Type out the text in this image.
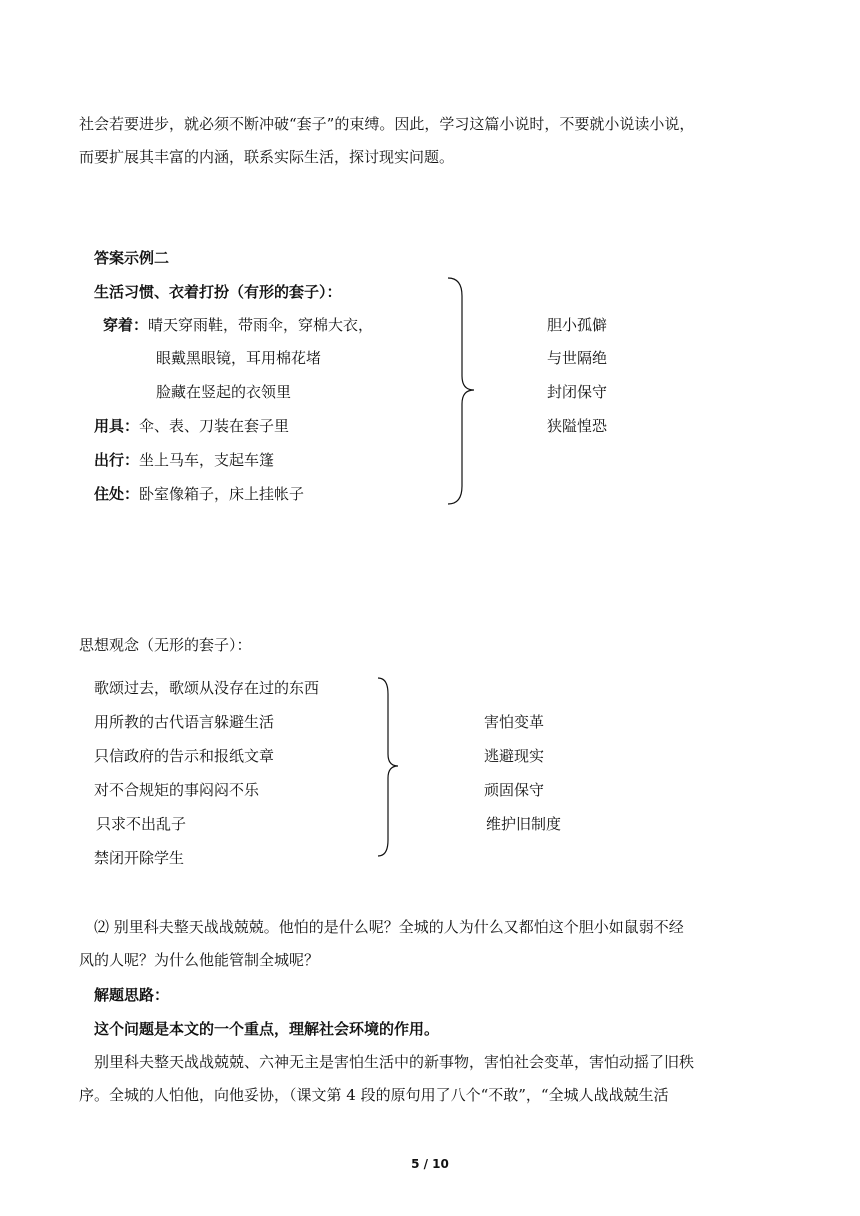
社会若要进步，就必须不断冲破“套子”的束缚。因此，学习这篇小说时，不要就小说读小说，
而要扩展其丰富的内涵，联系实际生活，探讨现实问题。
答案示例二
生活习惯、衣着打扮（有形的套子）：
穿着：晴天穿雨鞋，带雨伞，穿棉大衣，
眼戴黑眼镜，耳用棉花堵
脸藏在竖起的衣领里
用具：伞、表、刀装在套子里
出行：坐上马车，支起车篷
住处：卧室像箱子，床上挂帐子
胆小孤僻
与世隔绝
封闭保守
狭隘惶恐
思想观念（无形的套子）：
歌颂过去，歌颂从没存在过的东西
用所教的古代语言躲避生活
只信政府的告示和报纸文章
对不合规矩的事闷闷不乐
只求不出乱子
禁闭开除学生
害怕变革
逃避现实
顽固保守
维护旧制度
⑵ 别里科夫整天战战兢兢。他怕的是什么呢？全城的人为什么又都怕这个胆小如鼠弱不经
风的人呢？为什么他能管制全城呢？
解题思路：
这个问题是本文的一个重点，理解社会环境的作用。
别里科夫整天战战兢兢、六神无主是害怕生活中的新事物，害怕社会变革，害怕动摇了旧秩
序。全城的人怕他，向他妥协，（课文第 4 段的原句用了八个“不敢”，“全城人战战兢生活
5 / 10
